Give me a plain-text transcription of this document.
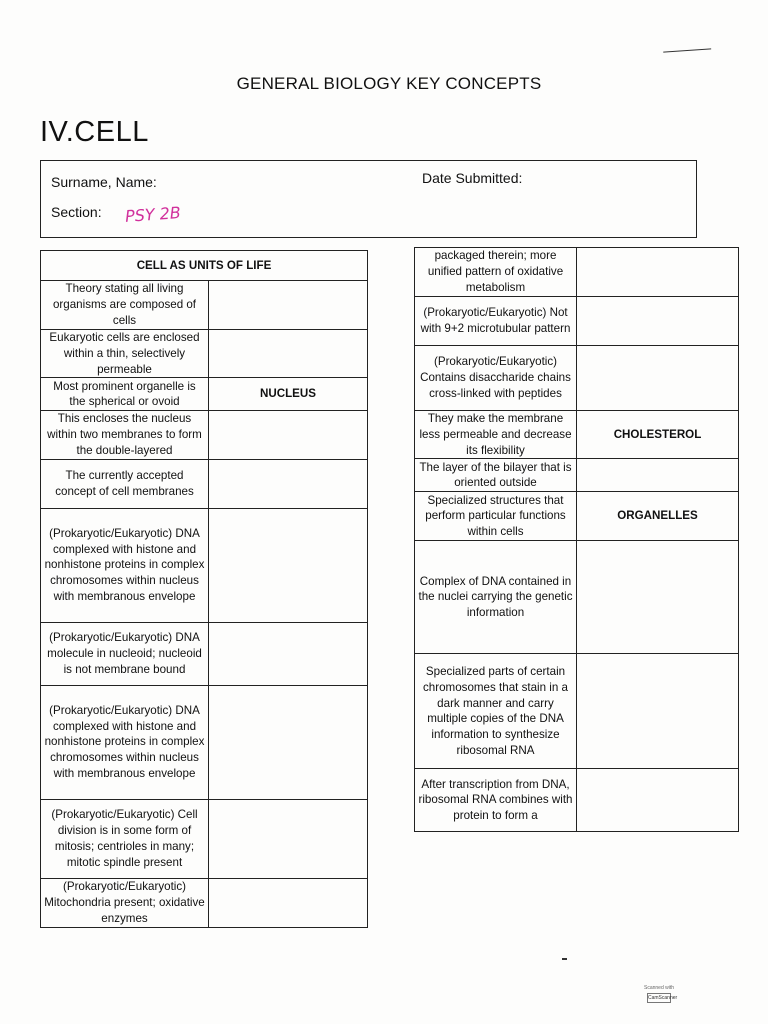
GENERAL BIOLOGY KEY CONCEPTS
IV.CELL
Surname, Name:	Date Submitted:
Section: PSY 2B
CELL AS UNITS OF LIFE	
Theory stating all living organisms are composed of cells	
Eukaryotic cells are enclosed within a thin, selectively permeable	
Most prominent organelle is the spherical or ovoid	NUCLEUS
This encloses the nucleus within two membranes to form the double-layered	
The currently accepted concept of cell membranes	
(Prokaryotic/Eukaryotic) DNA complexed with histone and nonhistone proteins in complex chromosomes within nucleus with membranous envelope	
(Prokaryotic/Eukaryotic) DNA molecule in nucleoid; nucleoid is not membrane bound	
(Prokaryotic/Eukaryotic) DNA complexed with histone and nonhistone proteins in complex chromosomes within nucleus with membranous envelope	
(Prokaryotic/Eukaryotic) Cell division is in some form of mitosis; centrioles in many; mitotic spindle present	
(Prokaryotic/Eukaryotic) Mitochondria present; oxidative enzymes	
packaged therein; more unified pattern of oxidative metabolism	
(Prokaryotic/Eukaryotic) Not with 9+2 microtubular pattern	
(Prokaryotic/Eukaryotic) Contains disaccharide chains cross-linked with peptides	
They make the membrane less permeable and decrease its flexibility	CHOLESTEROL
The layer of the bilayer that is oriented outside	
Specialized structures that perform particular functions within cells	ORGANELLES
Complex of DNA contained in the nuclei carrying the genetic information	
Specialized parts of certain chromosomes that stain in a dark manner and carry multiple copies of the DNA information to synthesize ribosomal RNA	
After transcription from DNA, ribosomal RNA combines with protein to form a	
Scanned with
CamScanner
